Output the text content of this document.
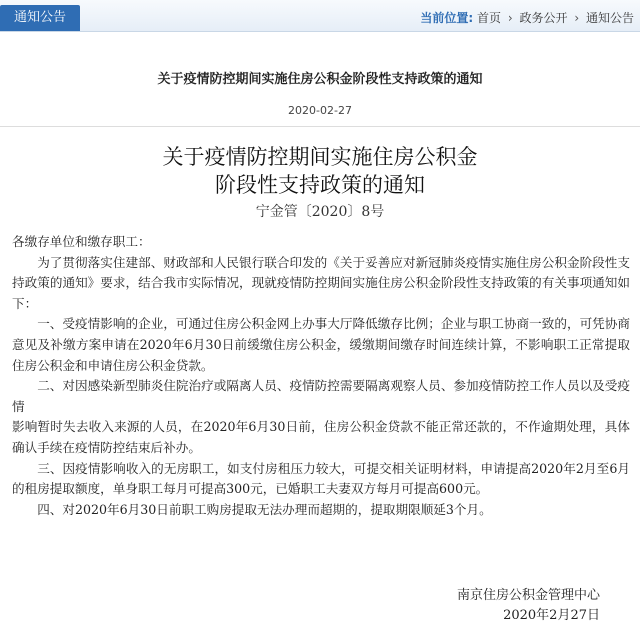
通知公告	当前位置: 首页 › 政务公开 › 通知公告
关于疫情防控期间实施住房公积金阶段性支持政策的通知
2020-02-27
关于疫情防控期间实施住房公积金
阶段性支持政策的通知
宁金管〔2020〕8号

各缴存单位和缴存职工：

为了贯彻落实住建部、财政部和人民银行联合印发的《关于妥善应对新冠肺炎疫情实施住房公积金阶段性支持政策的通知》要求，结合我市实际情况，现就疫情防控期间实施住房公积金阶段性支持政策的有关事项通知如下：

一、受疫情影响的企业，可通过住房公积金网上办事大厅降低缴存比例；企业与职工协商一致的，可凭协商意见及补缴方案申请在2020年6月30日前缓缴住房公积金，缓缴期间缴存时间连续计算，不影响职工正常提取住房公积金和申请住房公积金贷款。

二、对因感染新型肺炎住院治疗或隔离人员、疫情防控需要隔离观察人员、参加疫情防控工作人员以及受疫情

影响暂时失去收入来源的人员，在2020年6月30日前，住房公积金贷款不能正常还款的，不作逾期处理，具体确认手续在疫情防控结束后补办。

三、因疫情影响收入的无房职工，如支付房租压力较大，可提交相关证明材料，申请提高2020年2月至6月的租房提取额度，单身职工每月可提高300元，已婚职工夫妻双方每月可提高600元。

四、对2020年6月30日前职工购房提取无法办理而超期的，提取期限顺延3个月。

南京住房公积金管理中心
2020年2月27日
